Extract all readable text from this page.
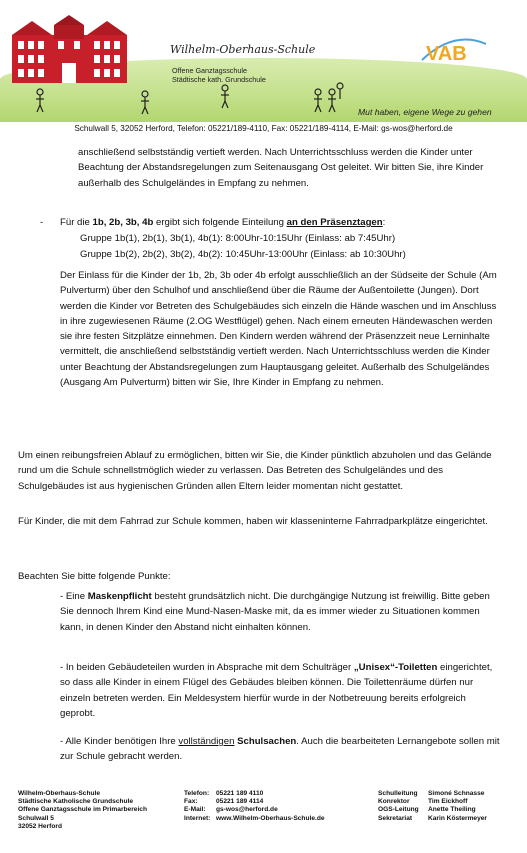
Wilhelm-Oberhaus-Schule
Offene Ganztagsschule
Städtische kath. Grundschule
VAB
Mut haben, eigene Wege zu gehen
Schulwall 5, 32052 Herford, Telefon: 05221/189-4110, Fax: 05221/189-4114, E-Mail: gs-wos@herford.de
anschließend selbstständig vertieft werden. Nach Unterrichtsschluss werden die Kinder unter Beachtung der Abstandsregelungen zum Seitenausgang Ost geleitet. Wir bitten Sie, ihre Kinder außerhalb des Schulgeländes in Empfang zu nehmen.
- Für die 1b, 2b, 3b, 4b ergibt sich folgende Einteilung an den Präsenztagen:
Gruppe 1b(1), 2b(1), 3b(1), 4b(1): 8:00Uhr-10:15Uhr (Einlass: ab 7:45Uhr)
Gruppe 1b(2), 2b(2), 3b(2), 4b(2): 10:45Uhr-13:00Uhr (Einlass: ab 10:30Uhr)
Der Einlass für die Kinder der 1b, 2b, 3b oder 4b erfolgt ausschließlich an der Südseite der Schule (Am Pulverturm) über den Schulhof und anschließend über die Räume der Außentoilette (Jungen). Dort werden die Kinder vor Betreten des Schulgebäudes sich einzeln die Hände waschen und im Anschluss in ihre zugewiesenen Räume (2.OG Westflügel) gehen. Nach einem erneuten Händewaschen werden sie ihre festen Sitzplätze einnehmen. Den Kindern werden während der Präsenzzeit neue Lerninhalte vermittelt, die anschließend selbstständig vertieft werden. Nach Unterrichtsschluss werden die Kinder unter Beachtung der Abstandsregelungen zum Hauptausgang geleitet. Außerhalb des Schulgeländes (Ausgang Am Pulverturm) bitten wir Sie, Ihre Kinder in Empfang zu nehmen.
Um einen reibungsfreien Ablauf zu ermöglichen, bitten wir Sie, die Kinder pünktlich abzuholen und das Gelände rund um die Schule schnellstmöglich wieder zu verlassen. Das Betreten des Schulgeländes und des Schulgebäudes ist aus hygienischen Gründen allen Eltern leider momentan nicht gestattet.
Für Kinder, die mit dem Fahrrad zur Schule kommen, haben wir klasseninterne Fahrradparkplätze eingerichtet.
Beachten Sie bitte folgende Punkte:
- Eine Maskenpflicht besteht grundsätzlich nicht. Die durchgängige Nutzung ist freiwillig. Bitte geben Sie dennoch Ihrem Kind eine Mund-Nasen-Maske mit, da es immer wieder zu Situationen kommen kann, in denen Kinder den Abstand nicht einhalten können.
- In beiden Gebäudeteilen wurden in Absprache mit dem Schulträger „Unisex“-Toiletten eingerichtet, so dass alle Kinder in einem Flügel des Gebäudes bleiben können. Die Toilettenräume dürfen nur einzeln betreten werden. Ein Meldesystem hierfür wurde in der Notbetreuung bereits erfolgreich geprobt.
- Alle Kinder benötigen Ihre vollständigen Schulsachen. Auch die bearbeiteten Lernangebote sollen mit zur Schule gebracht werden.
Wilhelm-Oberhaus-Schule
Städtische Katholische Grundschule
Offene Ganztagsschule im Primarbereich
Schulwall 5
32052 Herford
Telefon:
Fax:
E-Mail:
Internet:
05221 189 4110
05221 189 4114
gs-wos@herford.de
www.Wilhelm-Oberhaus-Schule.de
Schulleitung
Konrektor
OGS-Leitung
Sekretariat
Simoné Schnasse
Tim Eickhoff
Anette Theiling
Karin Köstermeyer
